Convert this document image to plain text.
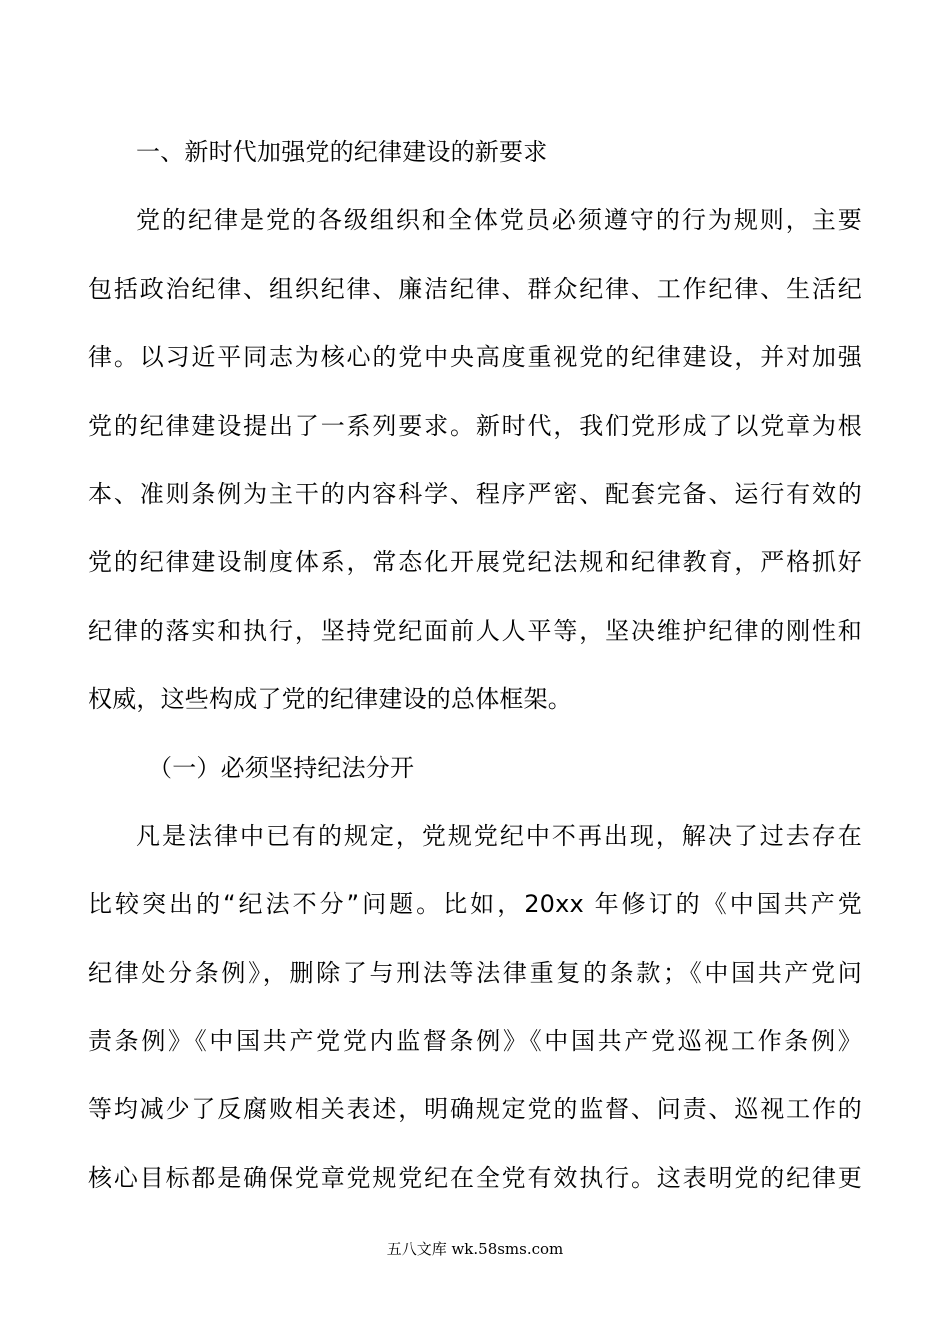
一、新时代加强党的纪律建设的新要求
党的纪律是党的各级组织和全体党员必须遵守的行为规则，主要
包括政治纪律、组织纪律、廉洁纪律、群众纪律、工作纪律、生活纪
律。以习近平同志为核心的党中央高度重视党的纪律建设，并对加强
党的纪律建设提出了一系列要求。新时代，我们党形成了以党章为根
本、准则条例为主干的内容科学、程序严密、配套完备、运行有效的
党的纪律建设制度体系，常态化开展党纪法规和纪律教育，严格抓好
纪律的落实和执行，坚持党纪面前人人平等，坚决维护纪律的刚性和
权威，这些构成了党的纪律建设的总体框架。
（一）必须坚持纪法分开
凡是法律中已有的规定，党规党纪中不再出现，解决了过去存在
比较突出的“纪法不分”问题。比如，20xx 年修订的《中国共产党
纪律处分条例》，删除了与刑法等法律重复的条款；《中国共产党问
责条例》《中国共产党党内监督条例》《中国共产党巡视工作条例》
等均减少了反腐败相关表述，明确规定党的监督、问责、巡视工作的
核心目标都是确保党章党规党纪在全党有效执行。这表明党的纪律更
五八文库 wk.58sms.com
